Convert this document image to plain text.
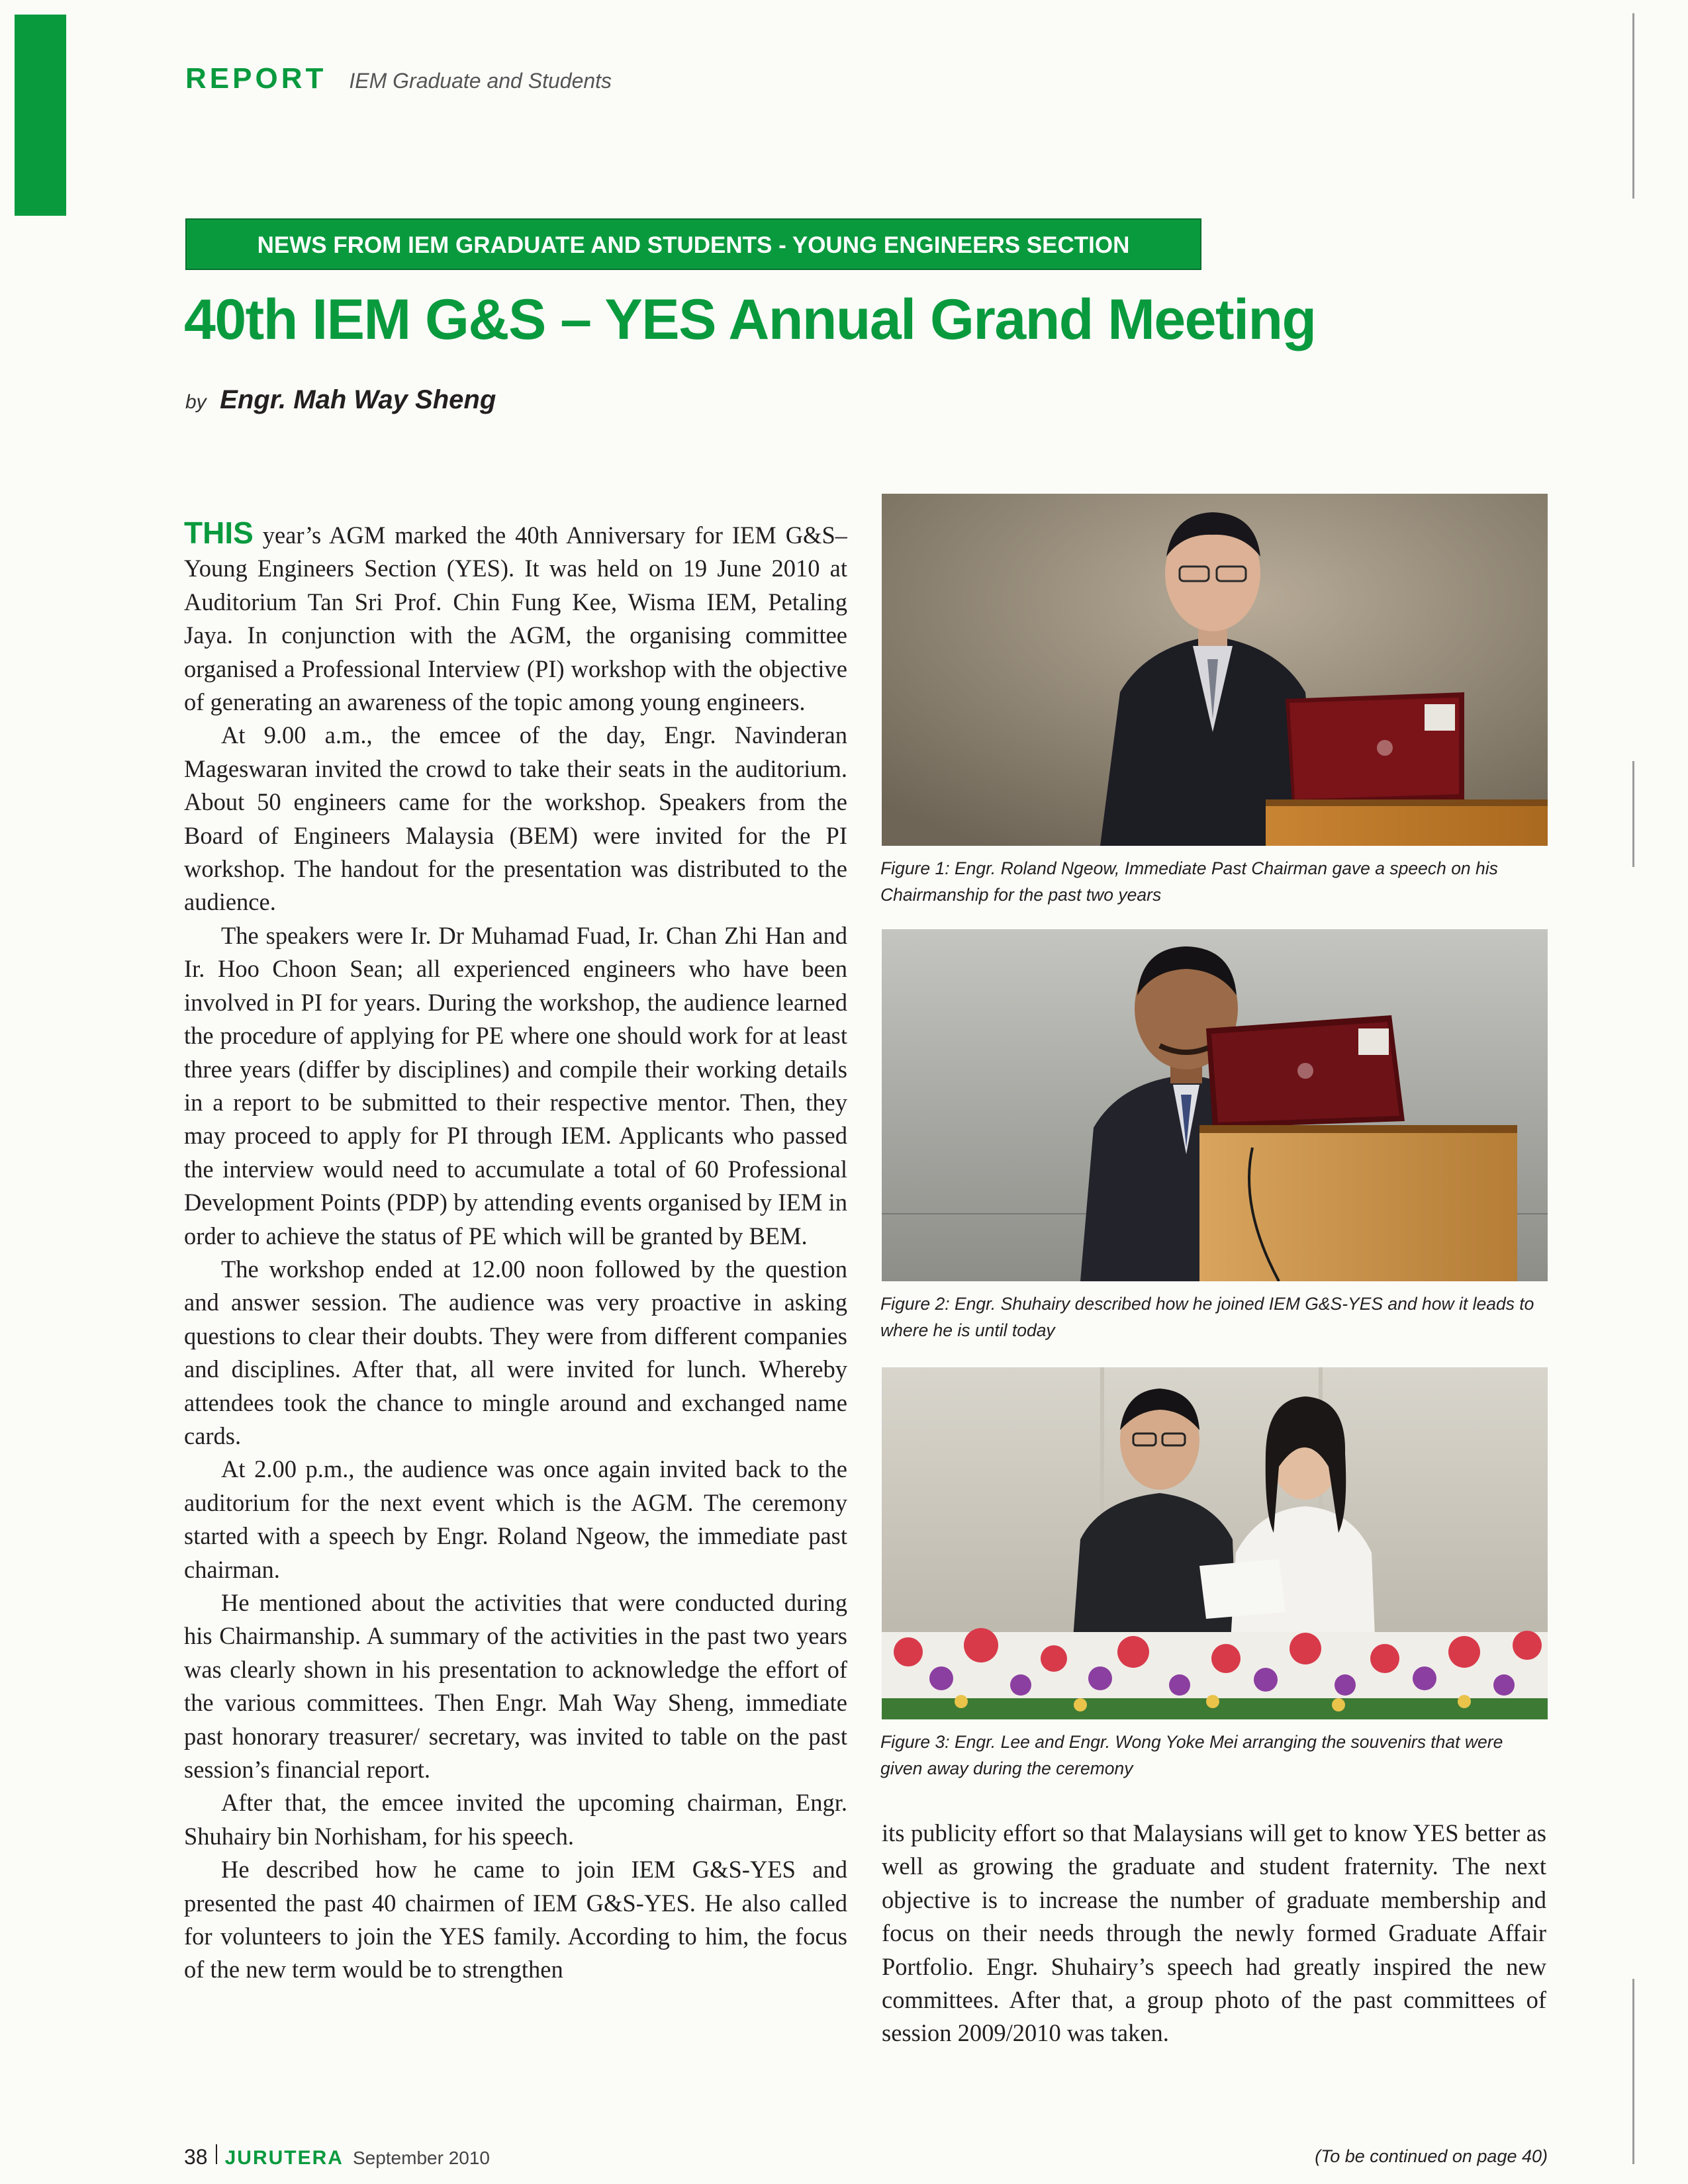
REPORT IEM Graduate and Students
NEWS FROM IEM GRADUATE AND STUDENTS - YOUNG ENGINEERS SECTION
40th IEM G&S – YES Annual Grand Meeting
by Engr. Mah Way Sheng

THIS year’s AGM marked the 40th Anniversary for IEM G&S–Young Engineers Section (YES). It was held on 19 June 2010 at Auditorium Tan Sri Prof. Chin Fung Kee, Wisma IEM, Petaling Jaya. In conjunction with the AGM, the organising committee organised a Professional Interview (PI) workshop with the objective of generating an awareness of the topic among young engineers.

At 9.00 a.m., the emcee of the day, Engr. Navinderan Mageswaran invited the crowd to take their seats in the auditorium. About 50 engineers came for the workshop. Speakers from the Board of Engineers Malaysia (BEM) were invited for the PI workshop. The handout for the presentation was distributed to the audience.

The speakers were Ir. Dr Muhamad Fuad, Ir. Chan Zhi Han and Ir. Hoo Choon Sean; all experienced engineers who have been involved in PI for years. During the workshop, the audience learned the procedure of applying for PE where one should work for at least three years (differ by disciplines) and compile their working details in a report to be submitted to their respective mentor. Then, they may proceed to apply for PI through IEM. Applicants who passed the interview would need to accumulate a total of 60 Professional Development Points (PDP) by attending events organised by IEM in order to achieve the status of PE which will be granted by BEM.

The workshop ended at 12.00 noon followed by the question and answer session. The audience was very proactive in asking questions to clear their doubts. They were from different companies and disciplines. After that, all were invited for lunch. Whereby attendees took the chance to mingle around and exchanged name cards.

At 2.00 p.m., the audience was once again invited back to the auditorium for the next event which is the AGM. The ceremony started with a speech by Engr. Roland Ngeow, the immediate past chairman.

He mentioned about the activities that were conducted during his Chairmanship. A summary of the activities in the past two years was clearly shown in his presentation to acknowledge the effort of the various committees. Then Engr. Mah Way Sheng, immediate past honorary treasurer/ secretary, was invited to table on the past session’s financial report.

After that, the emcee invited the upcoming chairman, Engr. Shuhairy bin Norhisham, for his speech.

He described how he came to join IEM G&S-YES and presented the past 40 chairmen of IEM G&S-YES. He also called for volunteers to join the YES family. According to him, the focus of the new term would be to strengthen

Figure 1: Engr. Roland Ngeow, Immediate Past Chairman gave a speech on his Chairmanship for the past two years
Figure 2: Engr. Shuhairy described how he joined IEM G&S-YES and how it leads to where he is until today
Figure 3: Engr. Lee and Engr. Wong Yoke Mei arranging the souvenirs that were given away during the ceremony

its publicity effort so that Malaysians will get to know YES better as well as growing the graduate and student fraternity. The next objective is to increase the number of graduate membership and focus on their needs through the newly formed Graduate Affair Portfolio. Engr. Shuhairy’s speech had greatly inspired the new committees. After that, a group photo of the past committees of session 2009/2010 was taken.

(To be continued on page 40)
38 JURUTERA September 2010
